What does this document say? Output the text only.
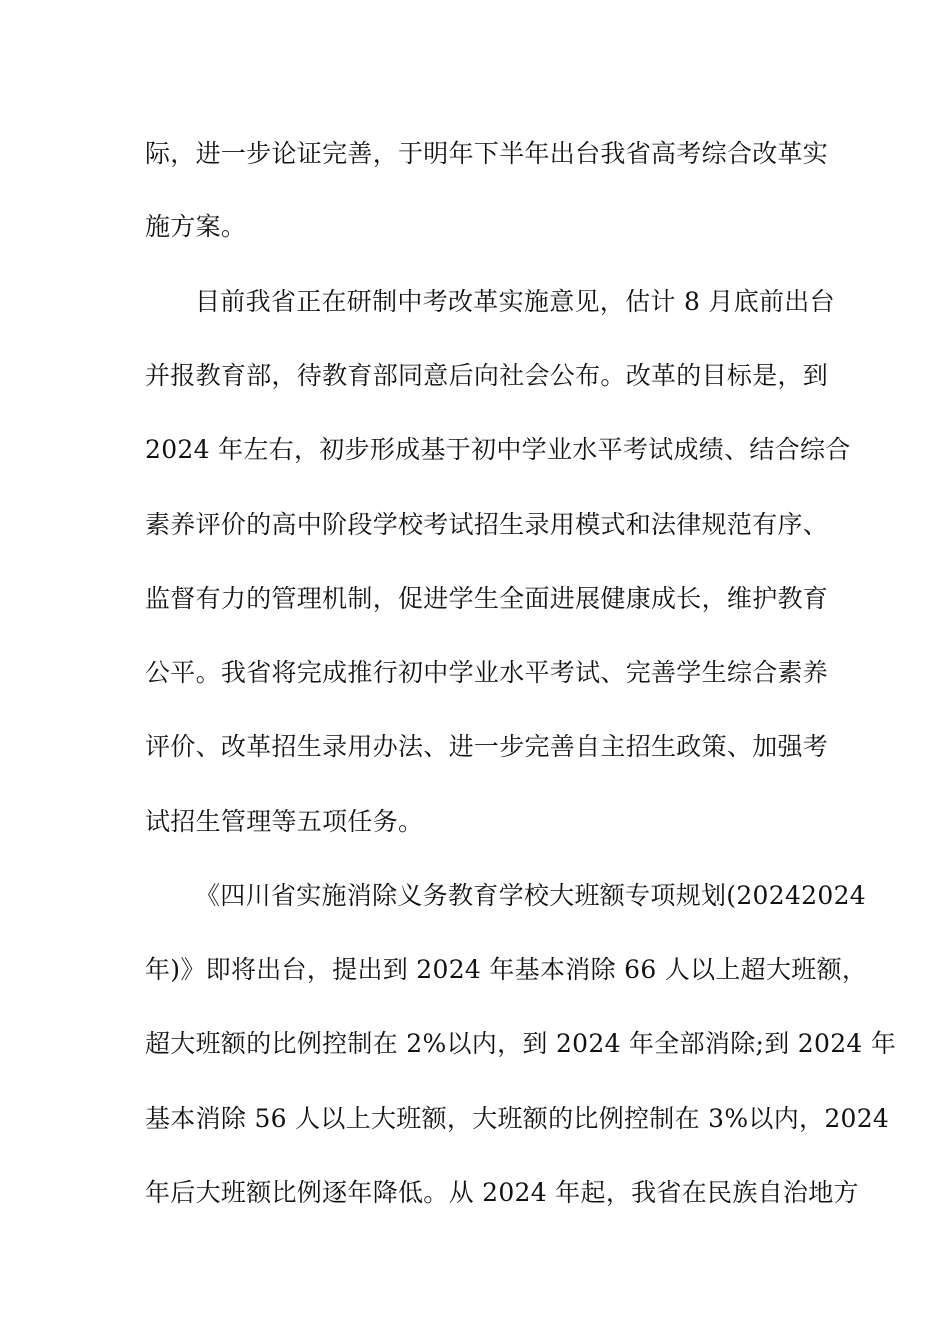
际，进一步论证完善，于明年下半年出台我省高考综合改革实
施方案。
目前我省正在研制中考改革实施意见，估计 8 月底前出台
并报教育部，待教育部同意后向社会公布。改革的目标是，到
2024 年左右，初步形成基于初中学业水平考试成绩、结合综合
素养评价的高中阶段学校考试招生录用模式和法律规范有序、
监督有力的管理机制，促进学生全面进展健康成长，维护教育
公平。我省将完成推行初中学业水平考试、完善学生综合素养
评价、改革招生录用办法、进一步完善自主招生政策、加强考
试招生管理等五项任务。
《四川省实施消除义务教育学校大班额专项规划(20242024
年)》即将出台，提出到 2024 年基本消除 66 人以上超大班额，
超大班额的比例控制在 2%以内，到 2024 年全部消除;到 2024 年
基本消除 56 人以上大班额，大班额的比例控制在 3%以内，2024
年后大班额比例逐年降低。从 2024 年起，我省在民族自治地方
